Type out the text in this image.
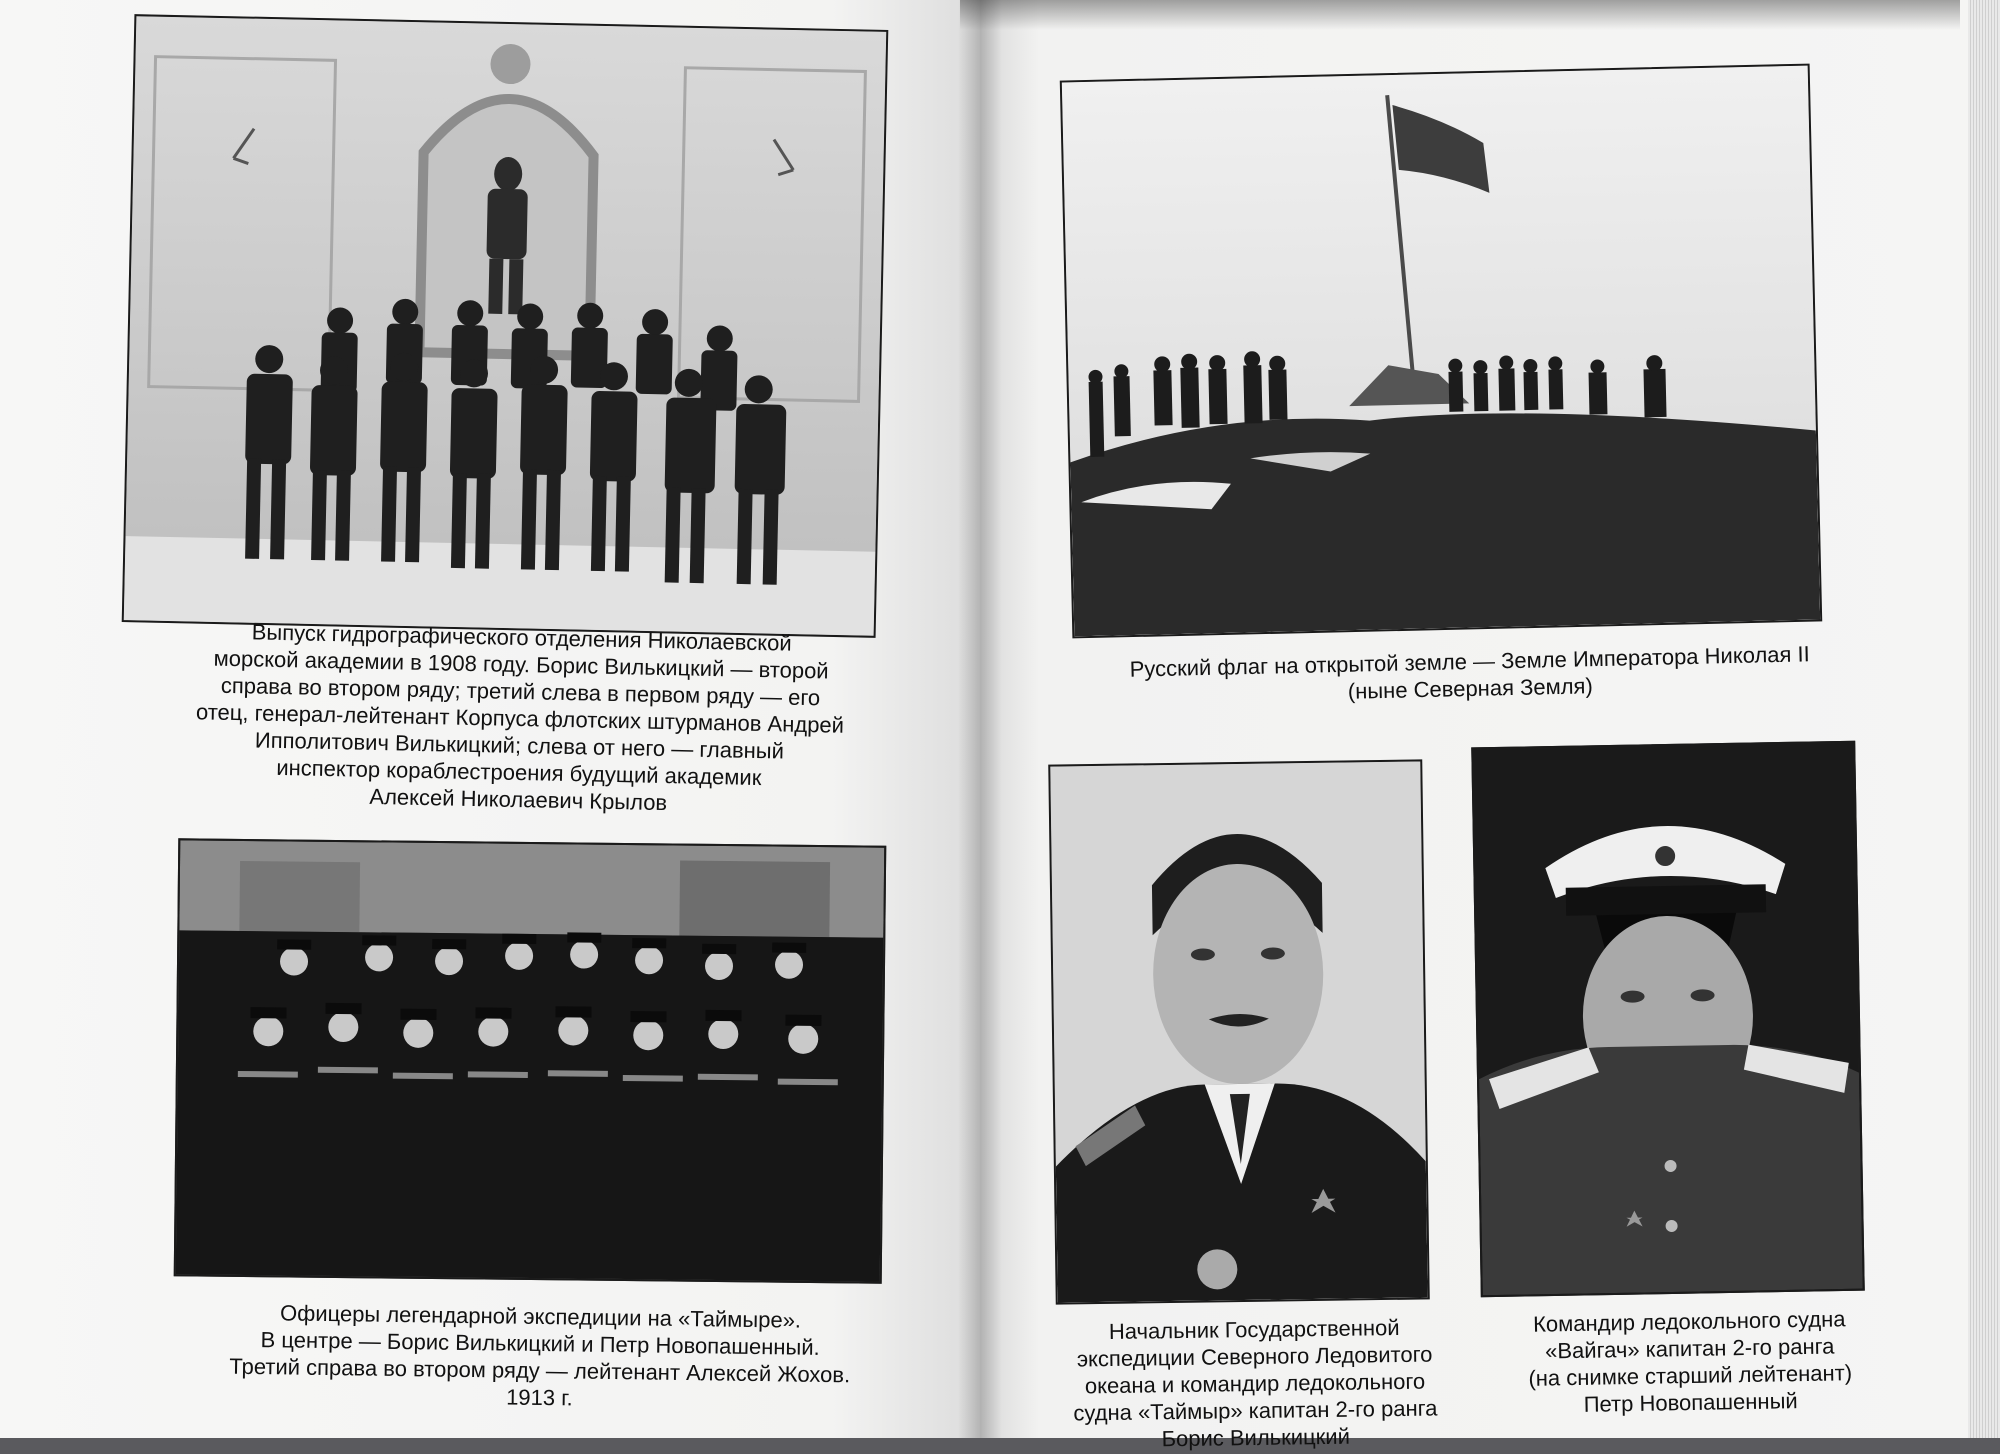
Выпуск гидрографического отделения Николаевской
морской академии в 1908 году. Борис Вилькицкий — второй
справа во втором ряду; третий слева в первом ряду — его
отец, генерал-лейтенант Корпуса флотских штурманов Андрей
Ипполитович Вилькицкий; слева от него — главный
инспектор кораблестроения будущий академик
Алексей Николаевич Крылов
Офицеры легендарной экспедиции на «Таймыре».
В центре — Борис Вилькицкий и Петр Новопашенный.
Третий справа во втором ряду — лейтенант Алексей Жохов.
1913 г.
Русский флаг на открытой земле — Земле Императора Николая II
(ныне Северная Земля)
Начальник Государственной
экспедиции Северного Ледовитого
океана и командир ледокольного
судна «Таймыр» капитан 2-го ранга
Борис Вилькицкий
Командир ледокольного судна
«Вайгач» капитан 2-го ранга
(на снимке старший лейтенант)
Петр Новопашенный
